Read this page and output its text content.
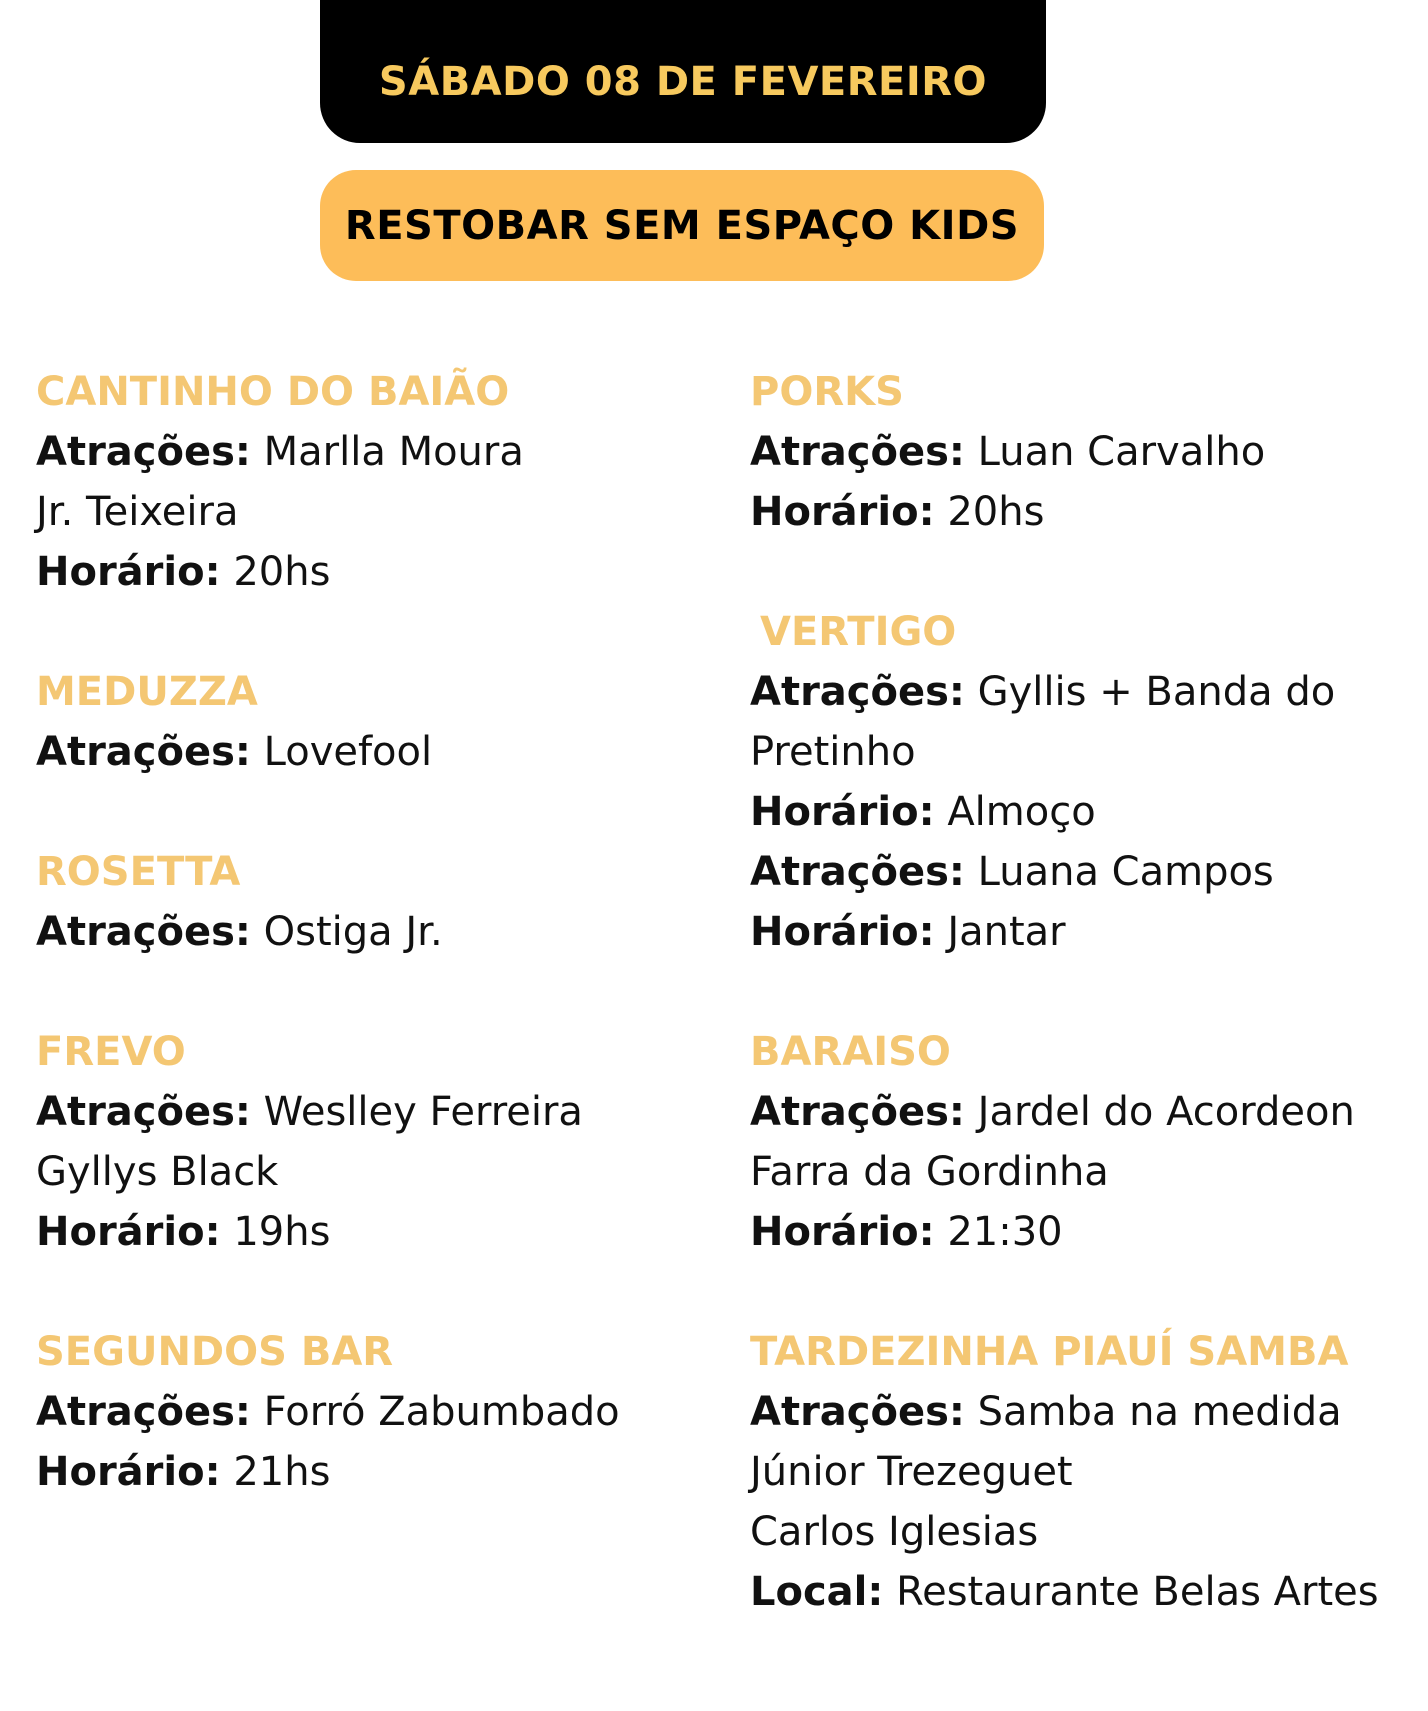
SÁBADO 08 DE FEVEREIRO
RESTOBAR SEM ESPAÇO KIDS
CANTINHO DO BAIÃO
Atrações: Marlla Moura
Jr. Teixeira
Horário: 20hs
MEDUZZA
Atrações: Lovefool
ROSETTA
Atrações: Ostiga Jr.
FREVO
Atrações: Weslley Ferreira
Gyllys Black
Horário: 19hs
SEGUNDOS BAR
Atrações: Forró Zabumbado
Horário: 21hs
PORKS
Atrações: Luan Carvalho
Horário: 20hs
VERTIGO
Atrações: Gyllis + Banda do
Pretinho
Horário: Almoço
Atrações: Luana Campos
Horário: Jantar
BARAISO
Atrações: Jardel do Acordeon
Farra da Gordinha
Horário: 21:30
TARDEZINHA PIAUÍ SAMBA
Atrações: Samba na medida
Júnior Trezeguet
Carlos Iglesias
Local: Restaurante Belas Artes
